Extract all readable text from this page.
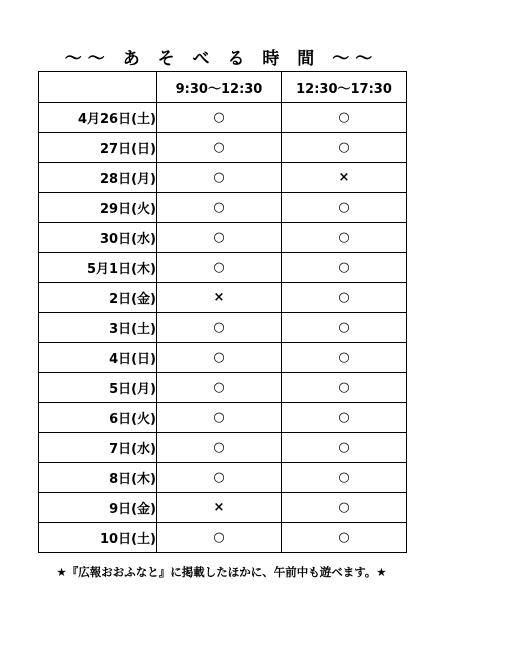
～～ あ そ べ る 時 間 ～～
	9:30～12:30	12:30～17:30
4月26日(土)	○	○
27日(日)	○	○
28日(月)	○	×
29日(火)	○	○
30日(水)	○	○
5月1日(木)	○	○
2日(金)	×	○
3日(土)	○	○
4日(日)	○	○
5日(月)	○	○
6日(火)	○	○
7日(水)	○	○
8日(木)	○	○
9日(金)	×	○
10日(土)	○	○
★『広報おおふなと』に掲載したほかに、午前中も遊べます。★
